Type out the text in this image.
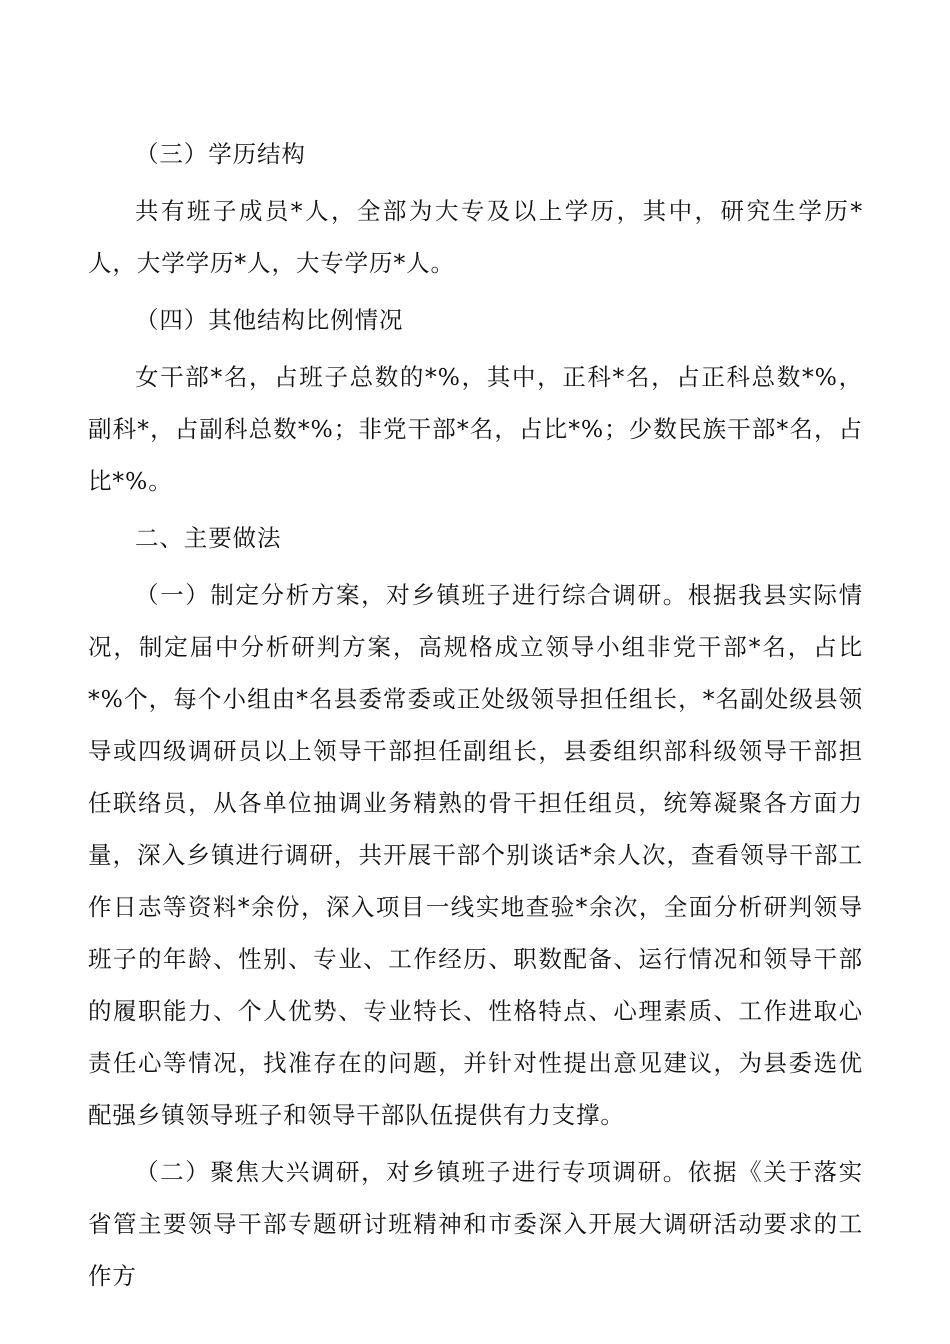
（三）学历结构

共有班子成员*人，全部为大专及以上学历，其中，研究生学历*人，大学学历*人，大专学历*人。

（四）其他结构比例情况

女干部*名，占班子总数的*%，其中，正科*名，占正科总数*%，副科*，占副科总数*%；非党干部*名，占比*%；少数民族干部*名，占比*%。

二、主要做法

（一）制定分析方案，对乡镇班子进行综合调研。根据我县实际情况，制定届中分析研判方案，高规格成立领导小组非党干部*名，占比*%个，每个小组由*名县委常委或正处级领导担任组长，*名副处级县领导或四级调研员以上领导干部担任副组长，县委组织部科级领导干部担任联络员，从各单位抽调业务精熟的骨干担任组员，统筹凝聚各方面力量，深入乡镇进行调研，共开展干部个别谈话*余人次，查看领导干部工作日志等资料*余份，深入项目一线实地查验*余次，全面分析研判领导班子的年龄、性别、专业、工作经历、职数配备、运行情况和领导干部的履职能力、个人优势、专业特长、性格特点、心理素质、工作进取心责任心等情况，找准存在的问题，并针对性提出意见建议，为县委选优配强乡镇领导班子和领导干部队伍提供有力支撑。

（二）聚焦大兴调研，对乡镇班子进行专项调研。依据《关于落实省管主要领导干部专题研讨班精神和市委深入开展大调研活动要求的工作方
